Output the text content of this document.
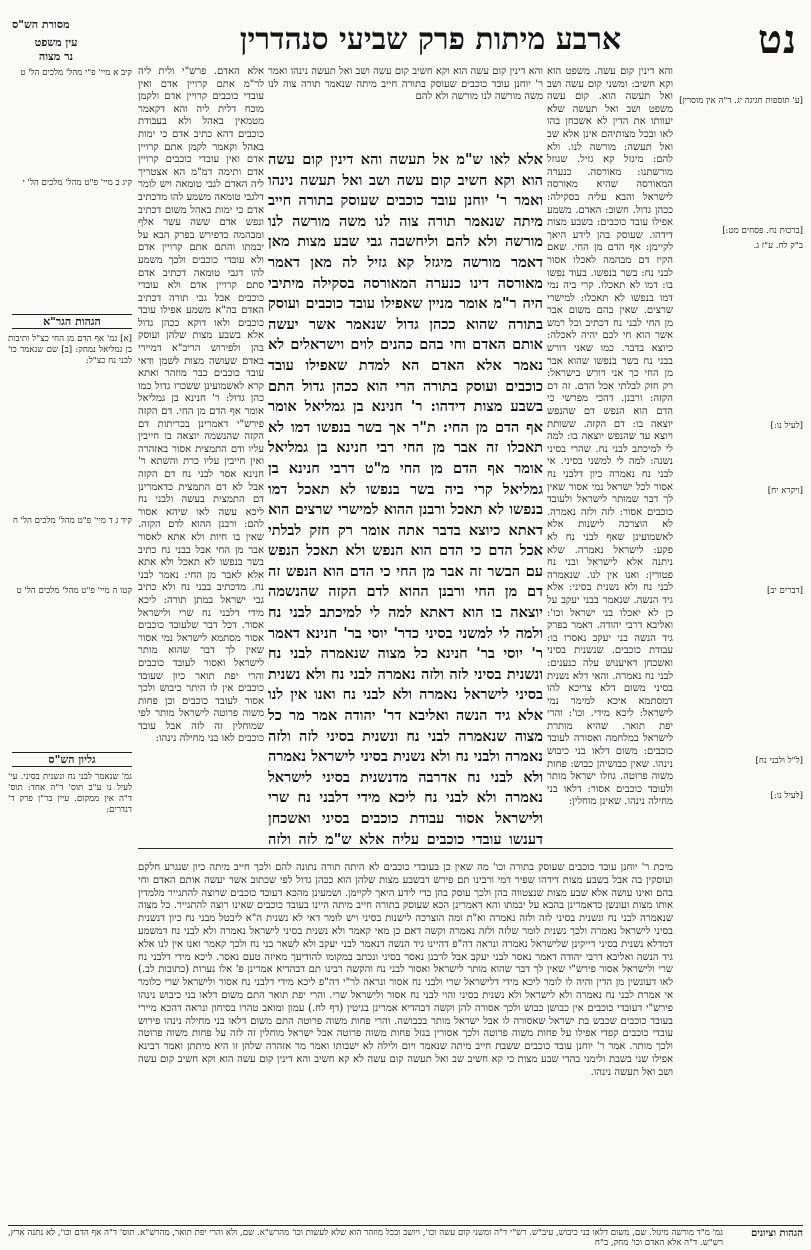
נט
ארבע מיתות פרק שביעי סנהדרין
עין משפט
נר מצוה
מסורת הש"ס
[ע' תוספות חגיגה יג. ד"ה אין מוסרין]
[ברכות נח. פסחים מט:]
ב"ק לח. ע"ז ג.
[לעיל נו:]
[ויקרא יח]
[דברים יב]
[ל"ל ולבני נח]
[לעיל נו:]
קיב א מיי' פ"י מהל' מלכים הל' ט
קיג ב מיי' פ"ט מהל' מלכים הל' י
הגהות הגר"א
[א] גמ' אף הדם מן החי כצ"ל ותיבות בן גמליאל נמחק: [ב] שם שנאמר כו' לבני נח כצ"ל:
קיד ג ד מיי' פ"ט מהל' מלכים הל' ח
קטו ה מיי' פ"ט מהל' מלכים הל' ט
גליון הש"ס
גמ' שנאמר לבני נח ונשנית בסיני. עי' לעיל נו ע"ב תוס' ד"ה אחד: תוס' ד"ה אין ממקום. עיין בר"ן פרק ד' דנדרים:

והא דינין קום עשה. משפט הוא וקא חשיב: ומשני קום עשה ושב ואל תעשה הוא. קום עשה משפט ושב ואל תעשה שלא יעוותו את הדין לא אשכחן בהו לאו ובכל מצותיהם אינן אלא שב ואל תעשה: מורשה לנו. ולא להם: מיגזל קא גזיל. שגוזל מורשתנו: מאורסה. כנערה המאורסה שהיא מאורסה לישראל והבא עליה בסקילה: ככהן גדול. חשוב: האדם. משמע אפילו עובד כוכבים: בשבע מצות דידהו. שעוסק בהן לידע היאך לקיימן: אף הדם מן החי. שאם הקיז דם מבהמה לאכלו אסור לבני נח: בשר בנפשו. בעוד נפשו בו: דמו לא תאכלו. קרי ביה נמי דמו בנפשו לא תאכלו: למישרי שרצים. שאין בהם משום אבר מן החי לבני נח דכתיב וכל רמש אשר הוא חי לכם יהיה לאכלה: כיוצא בדבר. כמו שאני דורש בבני נח בשר בנפשו שהוא אבר מן החי כך אני דורש בישראל: רק חזק לבלתי אכל הדם. זה דם הקזה: ורבנן. דהכי מפרשי כי הדם הוא הנפש דם שהנפש יוצאה בו: דם הקזה. ששותת ויוצא עד שהנפש יוצאה בו: למה לי למיכתב לבני נח. שהרי בסיני נשנה: למה לי למשני בסיני. אי לבני נח נאמרה כיון דלבני נח אסור לכל ישראל נמי אסור שאין לך דבר שמותר לישראל ולעובד כוכבים אסור: לזה ולזה נאמרה. לא הוצרכה לישנות אלא לאשמועינן שאף לבני נח לא פקע: לישראל נאמרה. שלא ניתנה אלא לישראל ובני נח פטורין: ואנו אין לנו. שנאמרה לבני נח ולא נשנית בסיני: אלא גיד הנשה. שנאמר בבני יעקב על כן לא יאכלו בני ישראל וכו': ואליבא דרבי יהודה. דאמר בפרק גיד הנשה בני יעקב נאסרו בו: עבודת כוכבים. שנשנית בסיני ואשכחן דאיענוש עלה כנענים: לבני נח נאמרה. והאי דלא נשנית בסיני משום דלא צריכא להו דמסתמא איכא למימר נמי לישראל: ליכא מידי. וכו': והרי יפת תואר. שהיא מותרת לישראל במלחמה ואסורה לעובד כוכבים: משום דלאו בני כיבוש נינהו. שאין כבושיהן כבוש: פחות משוה פרוטה. גוזלו ישראל מותר ולעובד כוכבים אסור: דלאו בני מחילה נינהו. שאינן מוחלין:

אלא האדם. פרש"י ולית ליה לר"מ אתם קרויין אדם ואין עובדי כוכבים קרויין אדם ולקמן מוכח דלית ליה והא דקאמר מטמאין באהל ולא בעבודת כוכבים דהא כתיב אדם כי ימות באהל וקאמר לקמן אתם קרויין אדם ואין עובדי כוכבים קרויין אדם ותימה דמ"מ הא אצטריך ליה האדם לגבי טומאה ויש לומר דלגבי טומאה משמע להו מדכתיב אדם כי ימות באהל משום דכתיב ונפש אדם ששה עשר אלף ומבהמה כדפירש בפרק הבא על יבמתו והתם אתם קרויין אדם ולא עובדי כוכבים ולכך משמע להו דגבי טומאה דכתיב אדם סתם קרויין אדם ולא עובדי כוכבים אבל גבי תורה דכתיב האדם בה"א משמע אפילו עובד כוכבים ולאו דוקא ככהן גדול אלא בשבע מצות שלהן ועוסק בהן ולפירוש הריב"א דמיירי באדם שעושה מצות לשמן ודאי עובד כוכבים כבר מוזהר ואתא קרא לאשמועינן ששכרו גדול כמו כהן גדול: ר' חנינא בן גמליאל אומר אף הדם מן החי. דם הקזה פירש"י דאמרינן בכריתות דם הקזה שהנשמה יוצאה בו חייבין עליו ודם התמצית אסור באזהרה ואין חייבין עליו כרת והשתא ר' חנינא אסר לבני נח דם הקזה אבל לא דם התמצית כדאמרינן דם התמצית בעשה ולבני נח ליכא עשה לאו שיהא אסור להם: ורבנן ההוא לדם הקזה. שאין בו חיות ולא אתא לאסור אבר מן החי אבל בבני נח כתיב בשר בנפשו לא תאכל ולא אתא אלא לאבר מן החי: נאמר לבני נח. מדכתיב בבני נח ולא כתיב גבי ישראל במתן תורה: ליכא מידי דלבני נח שרי ולישראל אסור. דכל דבר שלעובד כוכבים אסור מסתמא לישראל נמי אסור שאין לך דבר שהוא מותר לישראל ואסור לעובד כוכבים והרי יפת תואר כיון שעובד כוכבים אין לו היתר כיבוש ולכך אסור לעובד כוכבים וכן פחות משוה פרוטה לישראל מותר לפי שמוחלין זה לזה אבל עובד כוכבים לאו בני מחילה נינהו:

והא דינין קום עשה הוא וקא חשיב קום עשה ושב ואל תעשה נינהו ואמר ר' יוחנן עובד כוכבים שעוסק בתורה חייב מיתה שנאמר תורה צוה לנו משה מורשה לנו מורשה ולא להם

אלא לאו ש"מ אל תעשה והא דינין קום עשה הוא וקא חשיב קום עשה ושב ואל תעשה נינהו ואמר ר' יוחנן עובד כוכבים שעוסק בתורה חייב מיתה שנאמר תורה צוה לנו משה מורשה לנו מורשה ולא להם וליחשבה גבי שבע מצות מאן דאמר מורשה מיגזל קא גזיל לה מאן דאמר מאורסה דינו כנערה המאורסה בסקילה מיתיבי היה ר"מ אומר מניין שאפילו עובד כוכבים ועוסק בתורה שהוא ככהן גדול שנאמר אשר יעשה אותם האדם וחי בהם כהנים לוים וישראלים לא נאמר אלא האדם הא למדת שאפילו עובד כוכבים ועוסק בתורה הרי הוא ככהן גדול התם בשבע מצות דידהו: ר' חנינא בן גמליאל אומר אף הדם מן החי: ת"ר אך בשר בנפשו דמו לא תאכלו זה אבר מן החי רבי חנינא בן גמליאל אומר אף הדם מן החי מ"ט דרבי חנינא בן גמליאל קרי ביה בשר בנפשו לא תאכל דמו בנפשו לא תאכל ורבנן ההוא למישרי שרצים הוא דאתא כיוצא בדבר אתה אומר רק חזק לבלתי אכל הדם כי הדם הוא הנפש ולא תאכל הנפש עם הבשר זה אבר מן החי כי הדם הוא הנפש זה דם מן החי ורבנן ההוא לדם הקזה שהנשמה יוצאה בו הוא דאתא למה לי למיכתב לבני נח ולמה לי למשני בסיני כדר' יוסי בר' חנינא דאמר ר' יוסי בר' חנינא כל מצוה שנאמרה לבני נח ונשנית בסיני לזה ולזה נאמרה לבני נח ולא נשנית בסיני לישראל נאמרה ולא לבני נח ואנו אין לנו אלא גיד הנשה ואליבא דר' יהודה אמר מר כל מצוה שנאמרה לבני נח ונשנית בסיני לזה ולזה נאמרה ולבני נח ולא נשנית בסיני לישראל נאמרה ולא לבני נח אדרבה מדנשנית בסיני לישראל נאמרה ולא לבני נח ליכא מידי דלבני נח שרי ולישראל אסור עבודת כוכבים בסיני ואשכחן דענשו עובדי כוכבים עליה אלא ש"מ לזה ולזה

מיכת ר' יוחנן עובד כוכבים שעוסק בתורה וכו' מה שאין כן בעובדי כוכבים לא היתה תורה נתונה להם ולכך חייב מיתה כיון שנגרע חלקם ועוסקין בה אבל בשבע מצות דידהו שפיר דמי ורבינו תם פירש דבשבע מצות שלהן הוא ככהן גדול לפי שכתוב אשר יעשה אותם האדם וחי בהם ואינו עושה אלא שבע מצות שנצטווה בהן ולכך עוסק בהן כדי לידע היאך לקיימן. ושמעינן מהכא דעובד כוכבים שרוצה להתגייר מלמדין אותו מצות ועונשן כדאמרינן בהבא על יבמתו והא דאמרינן הכא שעוסק בתורה חייב מיתה היינו בעובד כוכבים שאינו רוצה להתגייר. כל מצוה שנאמרה לבני נח ונשנית בסיני לזה ולזה נאמרה וא"ת ומה הוצרכה לישנות בסיני ויש לומר דאי לא נשנית ה"א ליבטל מבני נח כיון דנשנית בסיני לישראל נאמרה ולכך נשנית לומר שלזה ולזה נאמרה וקשה דאם כן מאי קאמר ולא נשנית בסיני לישראל נאמרה ולא לבני נח דמשמע דמדלא נשנית בסיני דייקינן שלישראל נאמרה ונראה דה"פ דהיינו גיד הנשה דנאמר לבני יעקב ולא לשאר בני נח ולכך קאמר ואנו אין לנו אלא גיד הנשה ואליבא דרבי יהודה דאמר נאסר לבני יעקב אבל לרבנן נאסר בסיני ונכתב במקומו להודיעך מאיזה טעם נאסר. ליכא מידי דלבני נח שרי ולישראל אסור פירש"י שאין לך דבר שהוא מותר לישראל ואסור לבני נח והקשה רבינו תם דבהדיא אמרינן פ' אלו נערות (כתובות לב.) לאו דעונשין מן הדין והיה לו לומר ליכא מידי דלישראל שרי ולבני נח אסור ונראה לר"י דה"פ ליכא מידי דלבני נח אסור ולישראל שרי כלומר אי אמרת לבני נח נאמרה ולא לישראל ולא נשנית בסיני והוי לבני נח אסור ולישראל שרי. והרי יפת תואר התם משום דלאו בני כיבוש נינהו פירש"י דעובדי כוכבים אין כבושן כבוש ולכך אסורה להן וקשה דבהדיא אמרינן בגיטין (דף לח.) עמון ומואב טהרו בסיחון ונראה דהכא מיירי בעובד כוכבים שכבש בת ישראל שאסורה לו אבל ישראל מותר בכבושה. והרי פחות משוה פרוטה התם משום דלאו בני מחילה נינהו פירוש עובדי כוכבים קפדי אפילו על פחות משוה פרוטה ולכך אסורין בגזל פחות משוה פרוטה אבל ישראל מוחלין זה לזה על פחות משוה פרוטה ולכך מותר. אמר ר' יוחנן עובד כוכבים ששבת חייב מיתה שנאמר ויום ולילה לא ישבותו ואמר מר אזהרה שלהן זו היא מיתתן ואמר רבינא אפילו שני בשבת ולימני בהדי שבע מצות כי קא חשיב שב ואל תעשה קום עשה לא קא חשיב והא דינין קום עשה הוא וקא חשיב קום עשה ושב ואל תעשה נינהו.

הגהות וציונים
גמ' מ"ד מורשה מיגזל. שם, משום דלאו בני כיבוש, עיב"ש. רש"י ד"ה ומשני קום עשה וכו', ויושב ובכל מוזהר הוא שלא לעשות וכו' מהרש"א. שם, ולא והרי יפת תואר, מהרש"א. תוס' ד"ה אף הדם וכו', לא נתנה ארץ, רש"ש. ד"ה אלא האדם וכו' מחק, ב"ח
